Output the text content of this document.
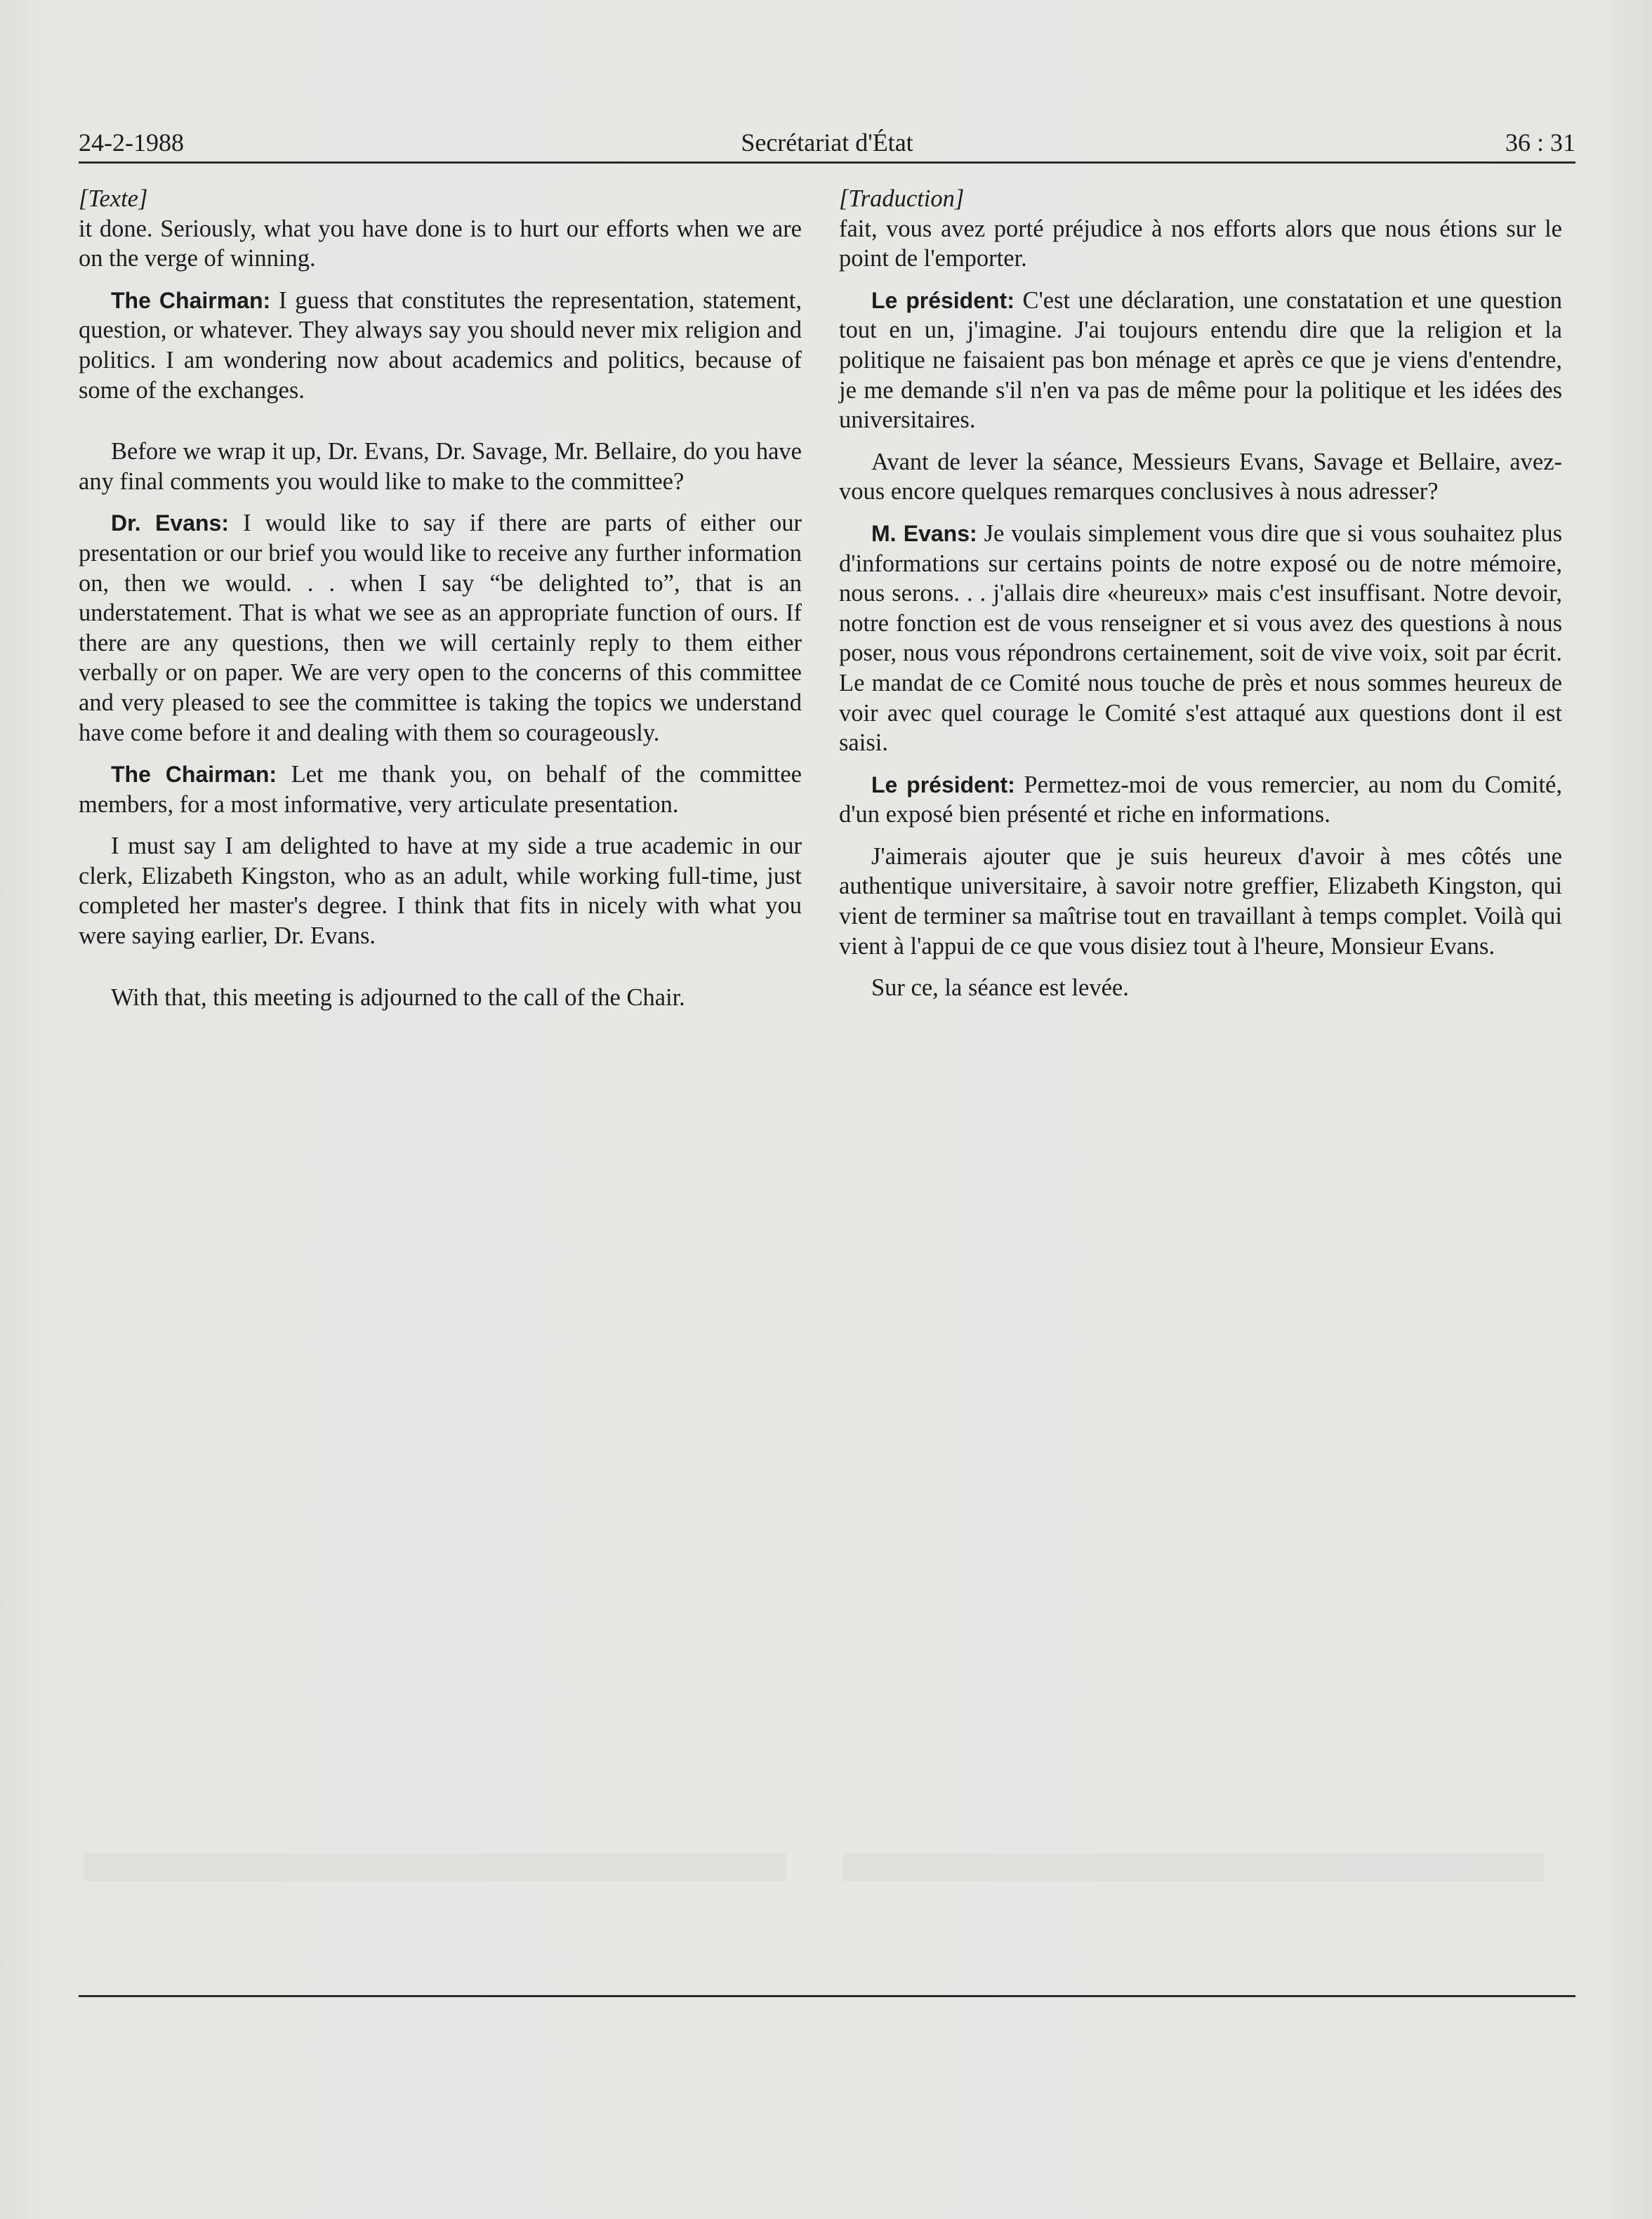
24-2-1988	Secrétariat d'État	36 : 31

[Texte]

it done. Seriously, what you have done is to hurt our efforts when we are on the verge of winning.

The Chairman: I guess that constitutes the representation, statement, question, or whatever. They always say you should never mix religion and politics. I am wondering now about academics and politics, because of some of the exchanges.

Before we wrap it up, Dr. Evans, Dr. Savage, Mr. Bellaire, do you have any final comments you would like to make to the committee?

Dr. Evans: I would like to say if there are parts of either our presentation or our brief you would like to receive any further information on, then we would. . . when I say “be delighted to”, that is an understatement. That is what we see as an appropriate function of ours. If there are any questions, then we will certainly reply to them either verbally or on paper. We are very open to the concerns of this committee and very pleased to see the committee is taking the topics we understand have come before it and dealing with them so courageously.

The Chairman: Let me thank you, on behalf of the committee members, for a most informative, very articulate presentation.

I must say I am delighted to have at my side a true academic in our clerk, Elizabeth Kingston, who as an adult, while working full-time, just completed her master's degree. I think that fits in nicely with what you were saying earlier, Dr. Evans.

With that, this meeting is adjourned to the call of the Chair.

[Traduction]

fait, vous avez porté préjudice à nos efforts alors que nous étions sur le point de l'emporter.

Le président: C'est une déclaration, une constatation et une question tout en un, j'imagine. J'ai toujours entendu dire que la religion et la politique ne faisaient pas bon ménage et après ce que je viens d'entendre, je me demande s'il n'en va pas de même pour la politique et les idées des universitaires.

Avant de lever la séance, Messieurs Evans, Savage et Bellaire, avez-vous encore quelques remarques conclusives à nous adresser?

M. Evans: Je voulais simplement vous dire que si vous souhaitez plus d'informations sur certains points de notre exposé ou de notre mémoire, nous serons. . . j'allais dire «heureux» mais c'est insuffisant. Notre devoir, notre fonction est de vous renseigner et si vous avez des questions à nous poser, nous vous répondrons certainement, soit de vive voix, soit par écrit. Le mandat de ce Comité nous touche de près et nous sommes heureux de voir avec quel courage le Comité s'est attaqué aux questions dont il est saisi.

Le président: Permettez-moi de vous remercier, au nom du Comité, d'un exposé bien présenté et riche en informations.

J'aimerais ajouter que je suis heureux d'avoir à mes côtés une authentique universitaire, à savoir notre greffier, Elizabeth Kingston, qui vient de terminer sa maîtrise tout en travaillant à temps complet. Voilà qui vient à l'appui de ce que vous disiez tout à l'heure, Monsieur Evans.

Sur ce, la séance est levée.
